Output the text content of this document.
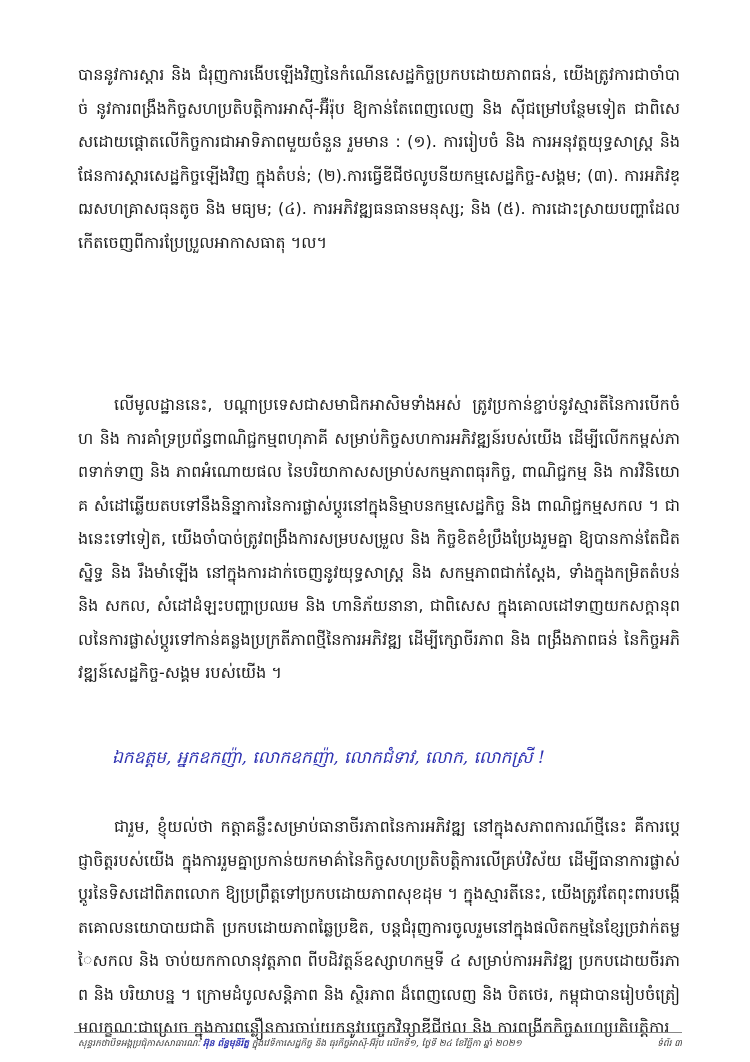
បាននូវការស្តារ និង ជំរុញការងើបឡើងវិញនៃកំណើនសេដ្ឋកិច្ចប្រកបដោយភាពធន់, យើងត្រូវការជាចាំបាច់ នូវការពង្រឹងកិច្ចសហប្រតិបត្តិការអាស៊ី-អ៊ឺរ៉ុប ឱ្យកាន់តែពេញលេញ និង ស៊ីជម្រៅបន្ថែមទៀត ជាពិសេសដោយផ្តោតលើកិច្ចការជាអាទិភាពមួយចំនួន រួមមាន : (១). ការរៀបចំ និង ការអនុវត្តយុទ្ធសាស្ត្រ និង ផែនការស្តារសេដ្ឋកិច្ចឡើងវិញ ក្នុងតំបន់; (២).ការធ្វើឌីជីថលូបនីយកម្មសេដ្ឋកិច្ច-សង្គម; (៣). ការអភិវឌ្ឍសហគ្រាសធុនតូច និង មធ្យម; (៤). ការអភិវឌ្ឍធនធានមនុស្ស; និង (៥). ការដោះស្រាយបញ្ហាដែលកើតចេញពីការប្រែប្រួលអាកាសធាតុ ។ល។

លើមូលដ្ឋាននេះ, បណ្តាប្រទេសជាសមាជិកអាសិមទាំងអស់ ត្រូវប្រកាន់ខ្ជាប់នូវស្មារតីនៃការបើកចំហ និង ការគាំទ្រប្រព័ន្ធពាណិជ្ជកម្មពហុភាគី សម្រាប់កិច្ចសហការអភិវឌ្ឍន៍របស់យើង ដើម្បីលើកកម្ពស់ភាពទាក់ទាញ និង ភាពអំណោយផល នៃបរិយាកាសសម្រាប់សកម្មភាពធុរកិច្ច, ពាណិជ្ជកម្ម និង ការវិនិយោគ សំដៅឆ្លើយតបទៅនឹងនិន្នាការនៃការផ្លាស់ប្តូរនៅក្នុងនិម្មាបនកម្មសេដ្ឋកិច្ច និង ពាណិជ្ជកម្មសកល ។ ជាងនេះទៅទៀត, យើងចាំបាច់ត្រូវពង្រឹងការសម្របសម្រួល និង កិច្ចខិតខំប្រឹងប្រែងរួមគ្នា ឱ្យបានកាន់តែជិតស្និទ្ធ និង រឹងមាំឡើង នៅក្នុងការដាក់ចេញនូវយុទ្ធសាស្ត្រ និង សកម្មភាពជាក់ស្តែង, ទាំងក្នុងកម្រិតតំបន់ និង សកល, សំដៅដំឡះបញ្ហាប្រឈម និង ហានិភ័យនានា, ជាពិសេស ក្នុងគោលដៅទាញយកសក្តានុពលនៃការផ្លាស់ប្តូរទៅកាន់គន្លងប្រក្រតីភាពថ្មីនៃការអភិវឌ្ឍ ដើម្បីក្សោចីរភាព និង ពង្រឹងភាពធន់ នៃកិច្ចអភិវឌ្ឍន៍សេដ្ឋកិច្ច-សង្គម របស់យើង ។

ឯកឧត្តម, អ្នកឧកញ៉ា, លោកឧកញ៉ា, លោកជំទាវ, លោក, លោកស្រី !

ជារួម, ខ្ញុំយល់ថា កត្តាគន្លឹះសម្រាប់ធានាចីរភាពនៃការអភិវឌ្ឍ នៅក្នុងសភាពការណ៍ថ្មីនេះ គឺការប្តេជ្ញាចិត្តរបស់យើង ក្នុងការរួមគ្នាប្រកាន់យកមាគ៌ានៃកិច្ចសហប្រតិបត្តិការលើគ្រប់វិស័យ ដើម្បីធានាការផ្លាស់ប្តូរនៃទិសដៅពិភពលោក ឱ្យប្រព្រឹត្តទៅប្រកបដោយភាពសុខដុម ។ ក្នុងស្មារតីនេះ, យើងត្រូវតែពុះពារបង្កើតគោលនយោបាយជាតិ ប្រកបដោយភាពឆ្លៃប្រឌិត, បន្តជំរុញការចូលរួមនៅក្នុងផលិតកម្មនៃខ្សែច្រវាក់តម្លៃសកល និង ចាប់យកកាលានុវត្តភាព ពីបដិវត្តន៍ឧស្សាហកម្មទី ៤ សម្រាប់ការអភិវឌ្ឍ ប្រកបដោយចីរភាព និង បរិយាបន្ន ។ ក្រោមដំបូលសន្តិភាព និង ស្ថិរភាព ដ៏ពេញលេញ និង បិតថេរ, កម្ពុជាបានរៀបចំត្រៀមលក្ខណៈជាស្រេច ក្នុងការពន្លឿនការចាប់យកនូវបច្ចេកវិទ្យាឌីជីថល និង ការពង្រីកកិច្ចសហប្រតិបត្តិការ

សុន្ទរកថាបិទអង្គប្រជុំកាសសាធារណៈ អ៊ុន ព័ន្ធមុនីរ័ត្ន ក្នុងវេទិកាសេដ្ឋកិច្ច និង ធុរកិច្ចអាស៊ី-អ៊ឺរ៉ុប លើកទី១, ថ្ងៃទី ២៤ ខែវិច្ឆិកា ឆ្នាំ ២០២១	ទំព័រ ៣
